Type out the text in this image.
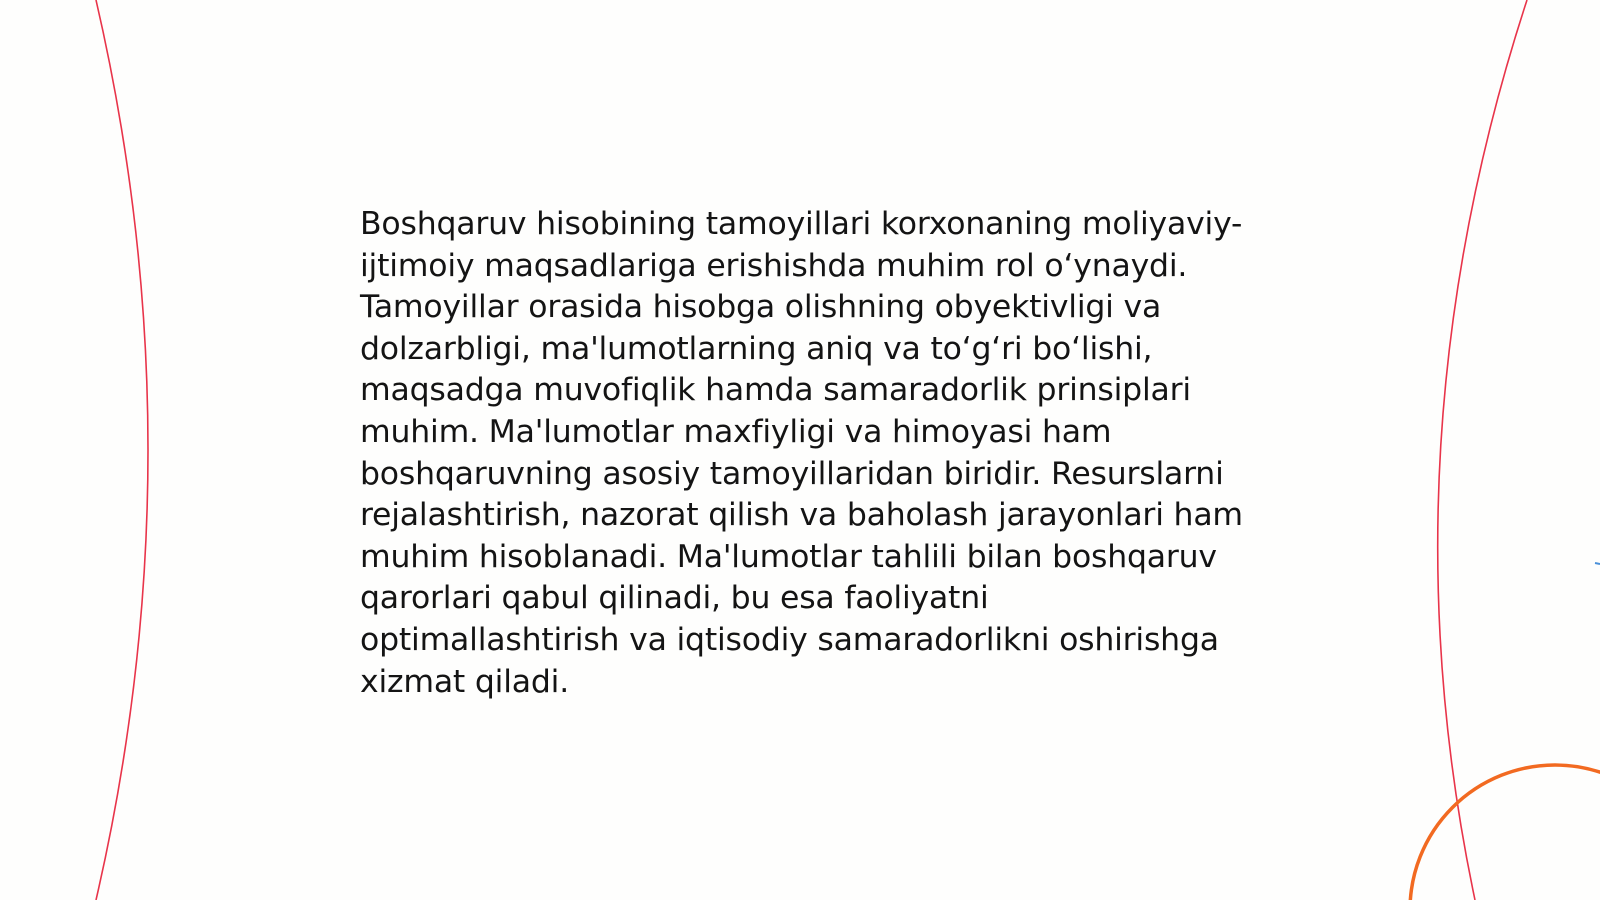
Boshqaruv hisobining tamoyillari korxonaning moliyaviy-ijtimoiy maqsadlariga erishishda muhim rol o‘ynaydi. Tamoyillar orasida hisobga olishning obyektivligi va dolzarbligi, ma'lumotlarning aniq va to‘g‘ri bo‘lishi, maqsadga muvofiqlik hamda samaradorlik prinsiplari muhim. Ma'lumotlar maxfiyligi va himoyasi ham boshqaruvning asosiy tamoyillaridan biridir. Resurslarni rejalashtirish, nazorat qilish va baholash jarayonlari ham muhim hisoblanadi. Ma'lumotlar tahlili bilan boshqaruv qarorlari qabul qilinadi, bu esa faoliyatni optimallashtirish va iqtisodiy samaradorlikni oshirishga xizmat qiladi.
